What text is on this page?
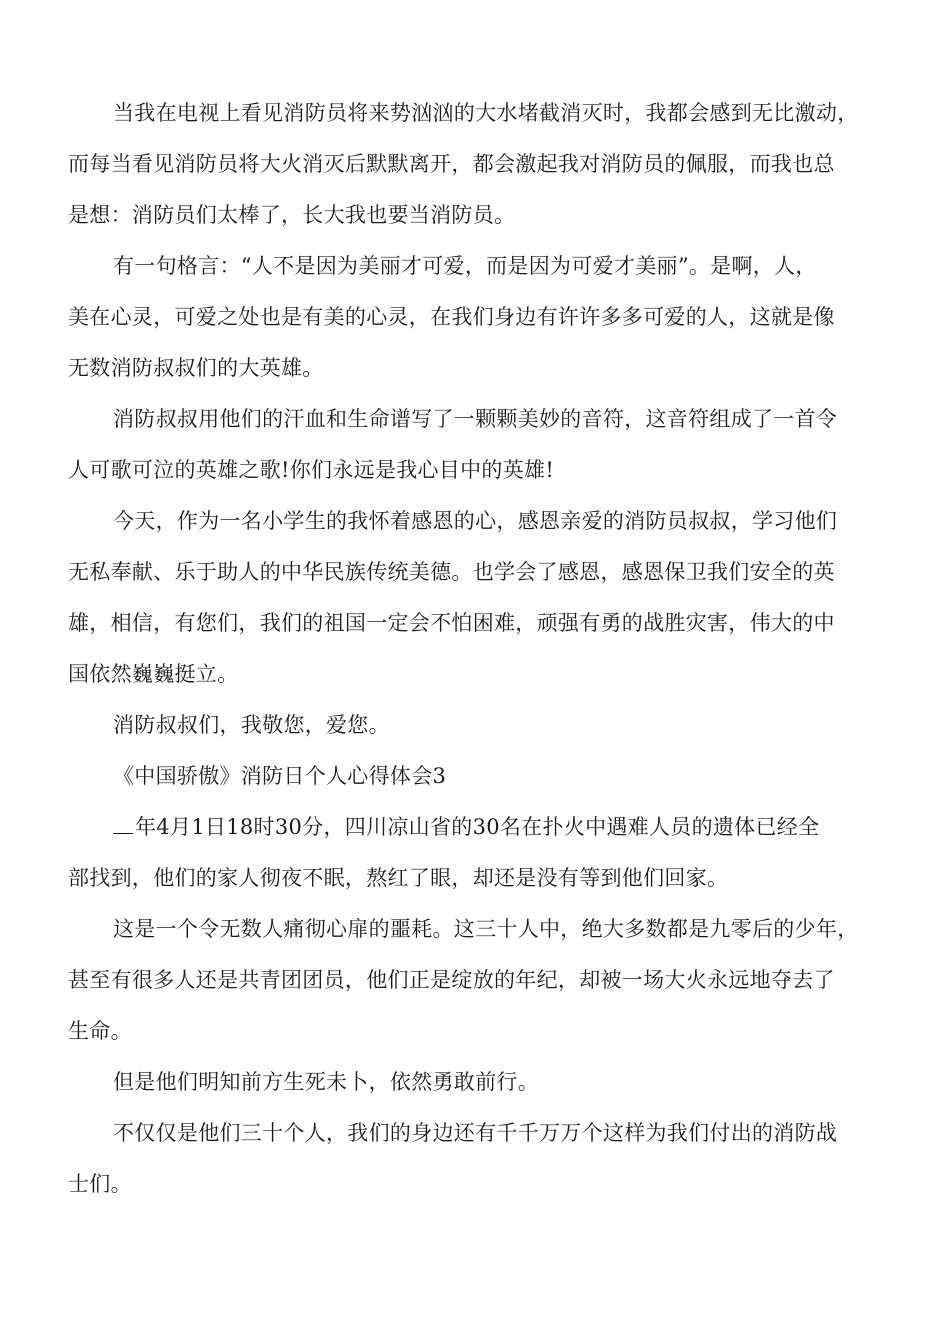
当我在电视上看见消防员将来势汹汹的大水堵截消灭时，我都会感到无比激动，
而每当看见消防员将大火消灭后默默离开，都会激起我对消防员的佩服，而我也总
是想：消防员们太棒了，长大我也要当消防员。

有一句格言：“人不是因为美丽才可爱，而是因为可爱才美丽”。是啊，人，
美在心灵，可爱之处也是有美的心灵，在我们身边有许许多多可爱的人，这就是像
无数消防叔叔们的大英雄。

消防叔叔用他们的汗血和生命谱写了一颗颗美妙的音符，这音符组成了一首令
人可歌可泣的英雄之歌!你们永远是我心目中的英雄!

今天，作为一名小学生的我怀着感恩的心，感恩亲爱的消防员叔叔，学习他们
无私奉献、乐于助人的中华民族传统美德。也学会了感恩，感恩保卫我们安全的英
雄，相信，有您们，我们的祖国一定会不怕困难，顽强有勇的战胜灾害，伟大的中
国依然巍巍挺立。

消防叔叔们，我敬您，爱您。

《中国骄傲》消防日个人心得体会3

年4月1日18时30分，四川凉山省的30名在扑火中遇难人员的遗体已经全
部找到，他们的家人彻夜不眠，熬红了眼，却还是没有等到他们回家。

这是一个令无数人痛彻心扉的噩耗。这三十人中，绝大多数都是九零后的少年，
甚至有很多人还是共青团团员，他们正是绽放的年纪，却被一场大火永远地夺去了
生命。

但是他们明知前方生死未卜，依然勇敢前行。

不仅仅是他们三十个人，我们的身边还有千千万万个这样为我们付出的消防战
士们。
